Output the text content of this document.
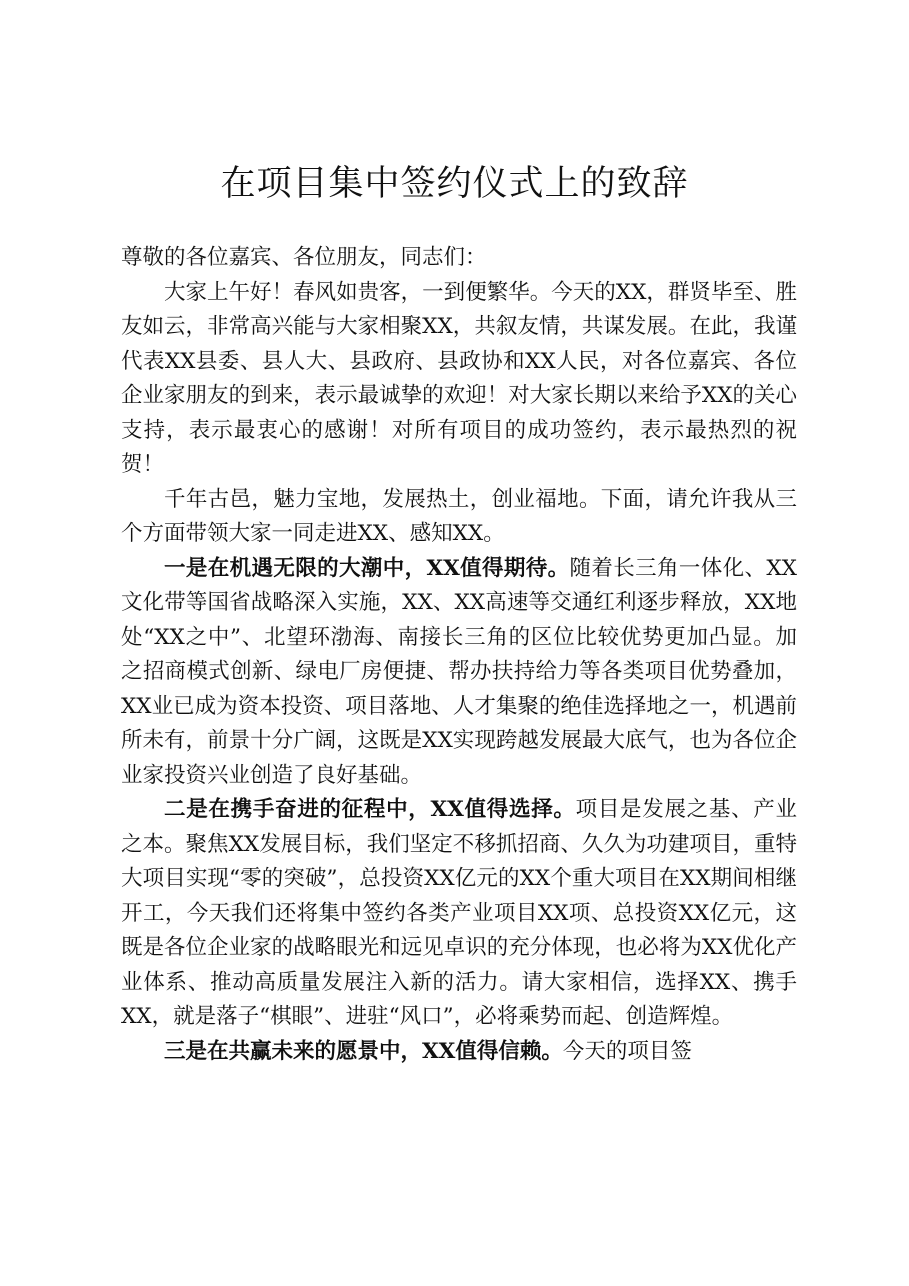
在项目集中签约仪式上的致辞

尊敬的各位嘉宾、各位朋友，同志们：

大家上午好！春风如贵客，一到便繁华。今天的XX，群贤毕至、胜友如云，非常高兴能与大家相聚XX，共叙友情，共谋发展。在此，我谨代表XX县委、县人大、县政府、县政协和XX人民，对各位嘉宾、各位企业家朋友的到来，表示最诚挚的欢迎！对大家长期以来给予XX的关心支持，表示最衷心的感谢！对所有项目的成功签约，表示最热烈的祝贺！

千年古邑，魅力宝地，发展热土，创业福地。下面，请允许我从三个方面带领大家一同走进XX、感知XX。

一是在机遇无限的大潮中，XX值得期待。随着长三角一体化、XX文化带等国省战略深入实施，XX、XX高速等交通红利逐步释放，XX地处“XX之中”、北望环渤海、南接长三角的区位比较优势更加凸显。加之招商模式创新、绿电厂房便捷、帮办扶持给力等各类项目优势叠加，XX业已成为资本投资、项目落地、人才集聚的绝佳选择地之一，机遇前所未有，前景十分广阔，这既是XX实现跨越发展最大底气，也为各位企业家投资兴业创造了良好基础。

二是在携手奋进的征程中，XX值得选择。项目是发展之基、产业之本。聚焦XX发展目标，我们坚定不移抓招商、久久为功建项目，重特大项目实现“零的突破”，总投资XX亿元的XX个重大项目在XX期间相继开工，今天我们还将集中签约各类产业项目XX项、总投资XX亿元，这既是各位企业家的战略眼光和远见卓识的充分体现，也必将为XX优化产业体系、推动高质量发展注入新的活力。请大家相信，选择XX、携手XX，就是落子“棋眼”、进驻“风口”，必将乘势而起、创造辉煌。

三是在共赢未来的愿景中，XX值得信赖。今天的项目签
